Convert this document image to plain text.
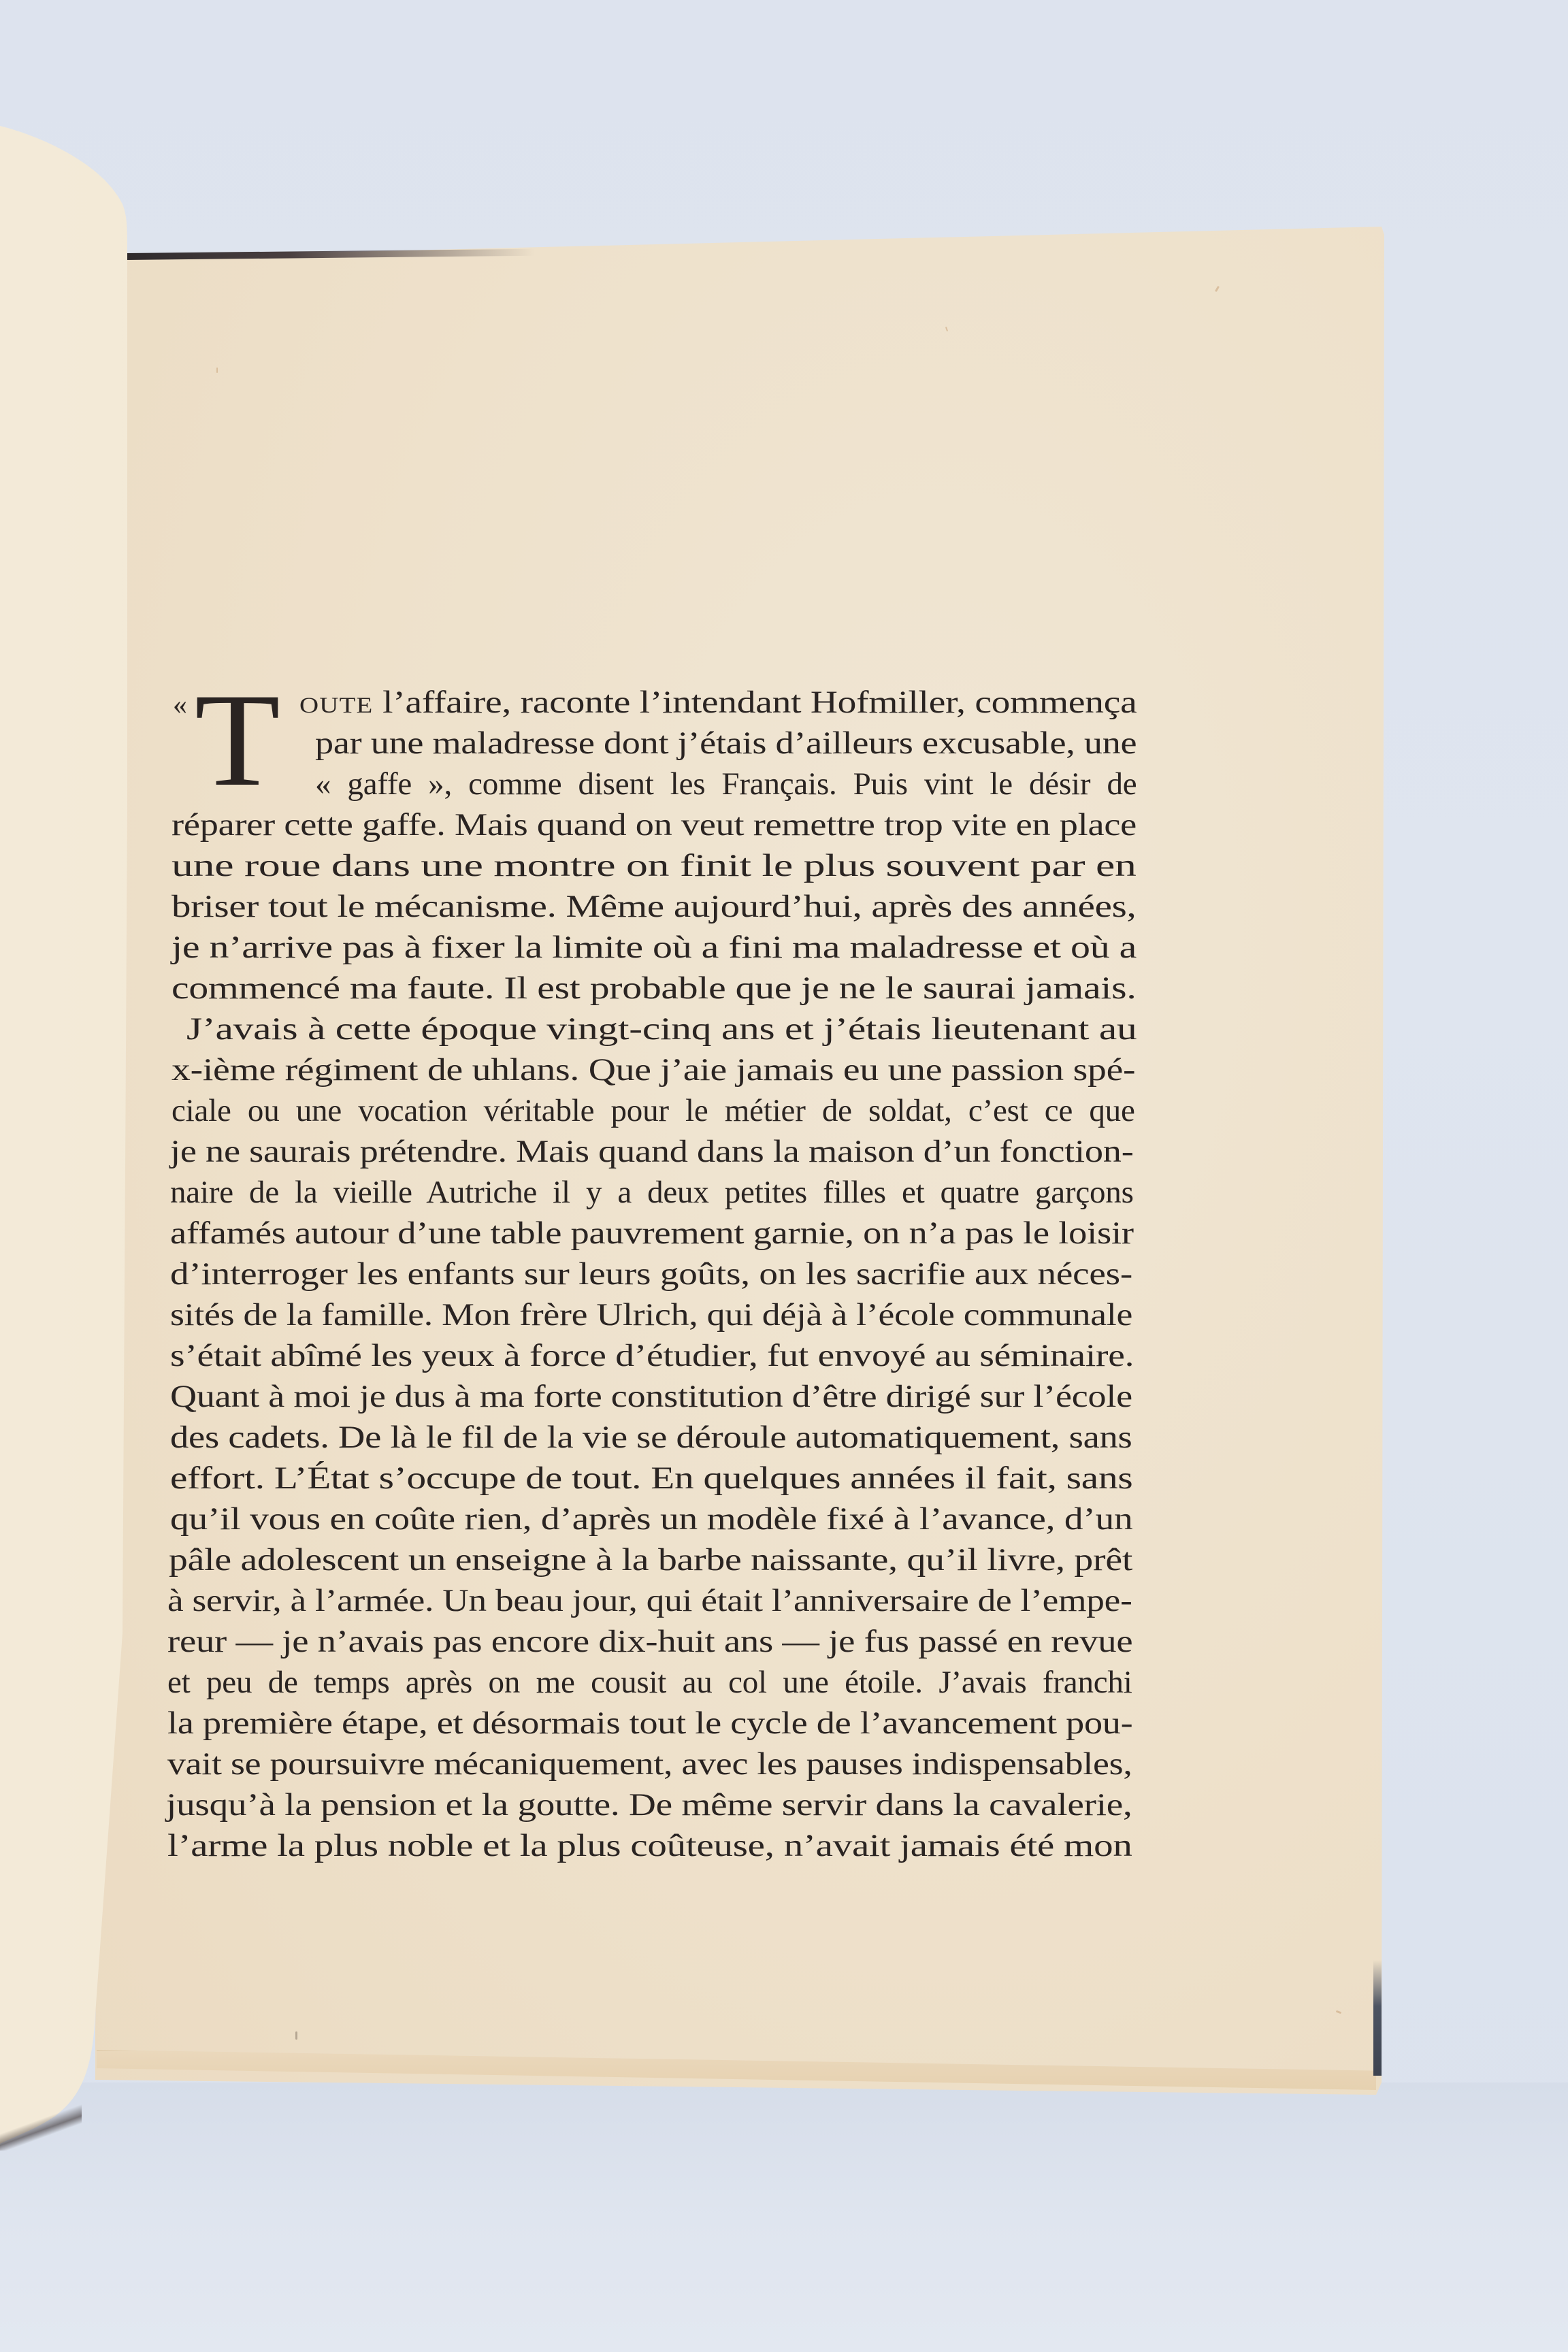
« T oute l’affaire, raconte l’intendant Hofmiller, commença
par une maladresse dont j’étais d’ailleurs excusable, une
« gaffe », comme disent les Français. Puis vint le désir de
réparer cette gaffe. Mais quand on veut remettre trop vite en place
une roue dans une montre on finit le plus souvent par en
briser tout le mécanisme. Même aujourd’hui, après des années,
je n’arrive pas à fixer la limite où a fini ma maladresse et où a
commencé ma faute. Il est probable que je ne le saurai jamais.
J’avais à cette époque vingt-cinq ans et j’étais lieutenant au
x-ième régiment de uhlans. Que j’aie jamais eu une passion spé-
ciale ou une vocation véritable pour le métier de soldat, c’est ce que
je ne saurais prétendre. Mais quand dans la maison d’un fonction-
naire de la vieille Autriche il y a deux petites filles et quatre garçons
affamés autour d’une table pauvrement garnie, on n’a pas le loisir
d’interroger les enfants sur leurs goûts, on les sacrifie aux néces-
sités de la famille. Mon frère Ulrich, qui déjà à l’école communale
s’était abîmé les yeux à force d’étudier, fut envoyé au séminaire.
Quant à moi je dus à ma forte constitution d’être dirigé sur l’école
des cadets. De là le fil de la vie se déroule automatiquement, sans
effort. L’État s’occupe de tout. En quelques années il fait, sans
qu’il vous en coûte rien, d’après un modèle fixé à l’avance, d’un
pâle adolescent un enseigne à la barbe naissante, qu’il livre, prêt
à servir, à l’armée. Un beau jour, qui était l’anniversaire de l’empe-
reur — je n’avais pas encore dix-huit ans — je fus passé en revue
et peu de temps après on me cousit au col une étoile. J’avais franchi
la première étape, et désormais tout le cycle de l’avancement pou-
vait se poursuivre mécaniquement, avec les pauses indispensables,
jusqu’à la pension et la goutte. De même servir dans la cavalerie,
l’arme la plus noble et la plus coûteuse, n’avait jamais été mon
